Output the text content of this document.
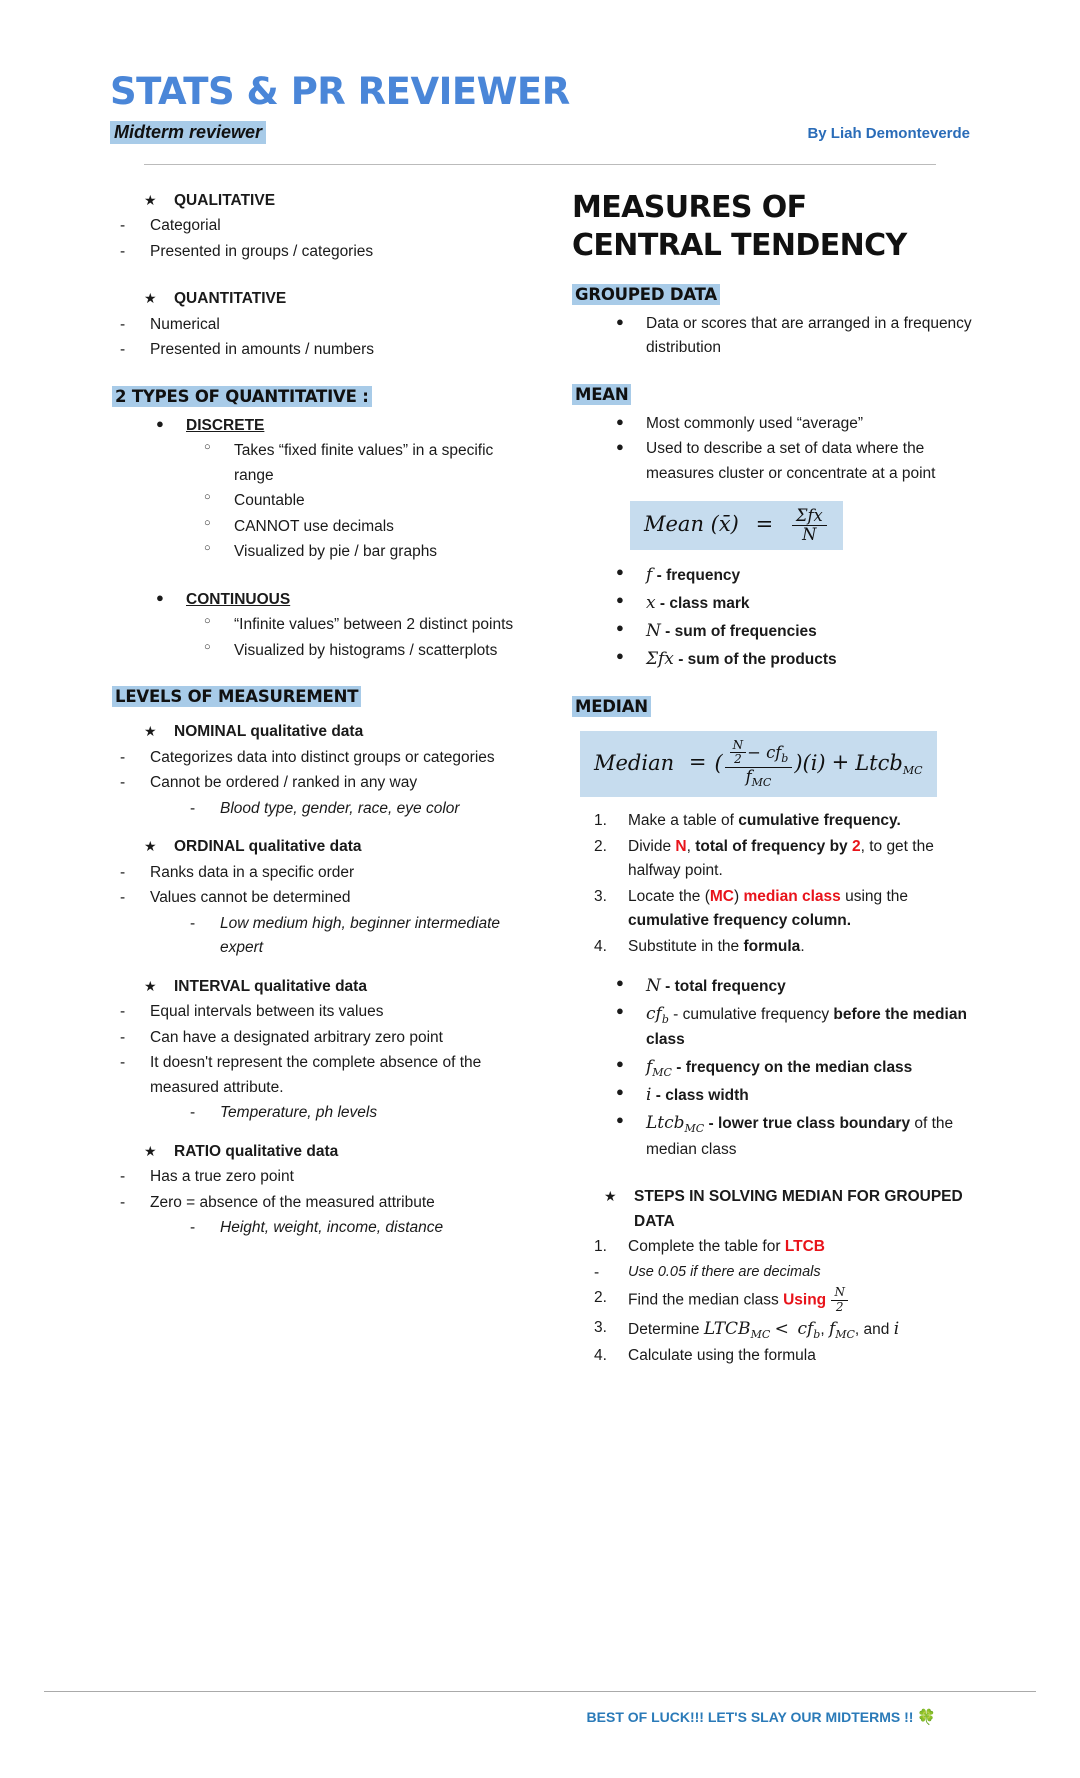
STATS & PR REVIEWER
Midterm reviewer	By Liah Demonteverde
★	QUALITATIVE
-	Categorial
-	Presented in groups / categories
★	QUANTITATIVE
-	Numerical
-	Presented in amounts / numbers
2 TYPES OF QUANTITATIVE :
●	DISCRETE
○	Takes “fixed finite values” in a specific range
○	Countable
○	CANNOT use decimals
○	Visualized by pie / bar graphs
●	CONTINUOUS
○	“Infinite values” between 2 distinct points
○	Visualized by histograms / scatterplots
LEVELS OF MEASUREMENT
★	NOMINAL qualitative data
-	Categorizes data into distinct groups or categories
-	Cannot be ordered / ranked in any way
-	Blood type, gender, race, eye color
★	ORDINAL qualitative data
-	Ranks data in a specific order
-	Values cannot be determined
-	Low medium high, beginner intermediate expert
★	INTERVAL qualitative data
-	Equal intervals between its values
-	Can have a designated arbitrary zero point
-	It doesn't represent the complete absence of the measured attribute.
-	Temperature, ph levels
★	RATIO qualitative data
-	Has a true zero point
-	Zero = absence of the measured attribute
-	Height, weight, income, distance
MEASURES OF
CENTRAL TENDENCY
GROUPED DATA
●	Data or scores that are arranged in a frequency distribution
MEAN
●	Most commonly used “average”
●	Used to describe a set of data where the measures cluster or concentrate at a point
Mean (x̄) = $\frac{\text{Σfx}}{N}$
●	f - frequency
●	x - class mark
●	N - sum of frequencies
●	Σfx - sum of the products
MEDIAN
Median = ( $\frac{\frac{N}{2} - cf_b}{f_{MC}} )(i)$ + Ltcb$_{MC}$
1.	Make a table of cumulative frequency.
2.	Divide N, total of frequency by 2, to get the halfway point.
3.	Locate the (MC) median class using the cumulative frequency column.
4.	Substitute in the formula.
●	N - total frequency
●	$cf_b$ - cumulative frequency before the median class
●	$f_{MC}$ - frequency on the median class
●	i - class width
●	Ltcb$_{MC}$ - lower true class boundary of the median class
★	STEPS IN SOLVING MEDIAN FOR GROUPED DATA
1.	Complete the table for LTCB
-	Use 0.05 if there are decimals
2.	Find the median class Using $\frac{N}{2}$
3.	Determine $LTCB_{MC} < cf_b$, $f_{MC}$, and i
4.	Calculate using the formula
BEST OF LUCK!!! LET'S SLAY OUR MIDTERMS !! 🍀
